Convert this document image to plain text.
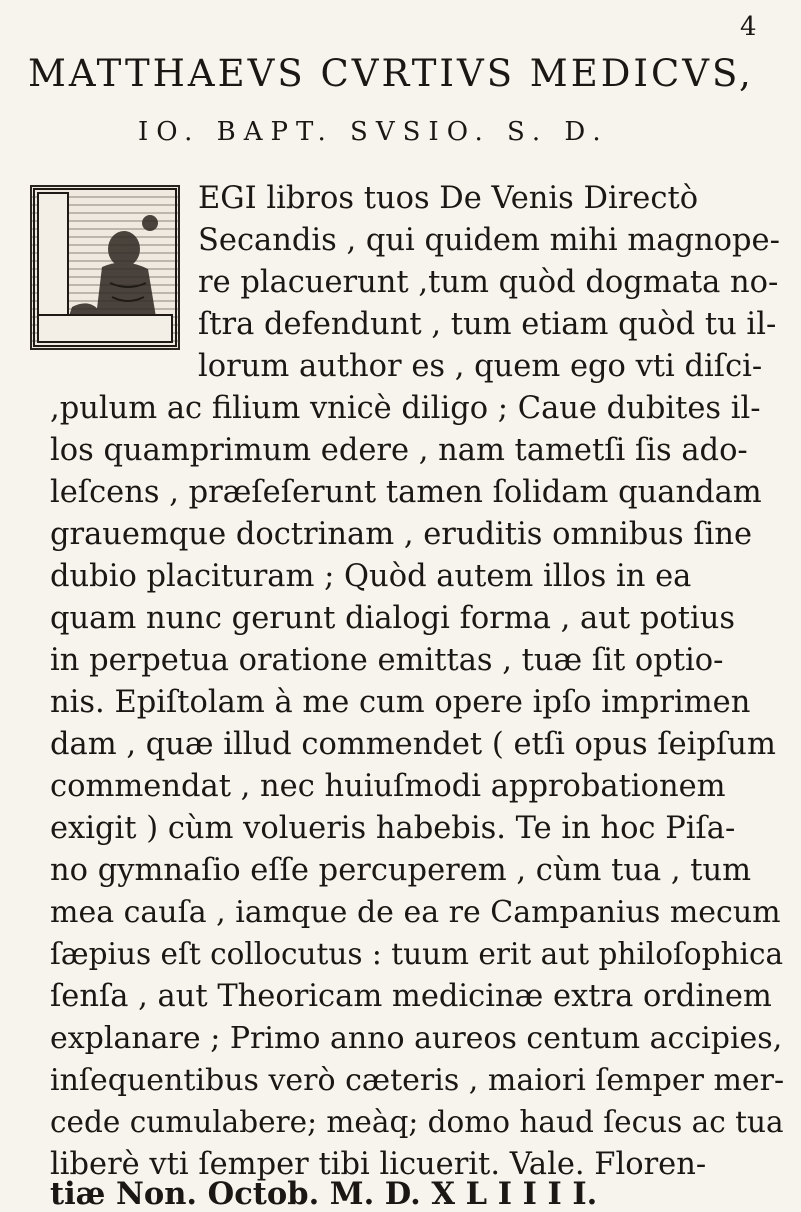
4
MATTHAEVS CVRTIVS MEDICVS,
IO. BAPT. SVSIO. S. D.
EGI libros tuos De Venis Directò
Secandis , qui quidem mihi magnope-
re placuerunt ,tum quòd dogmata no-
ſtra defendunt , tum etiam quòd tu il-
lorum author es , quem ego vti diſci-
,pulum ac filium vnicè diligo ; Caue dubites il-
los quamprimum edere , nam tametſi ſis ado-
leſcens , præſeſerunt tamen ſolidam quandam
grauemque doctrinam , eruditis omnibus ſine
dubio placituram ; Quòd autem illos in ea
quam nunc gerunt dialogi forma , aut potius
in perpetua oratione emittas , tuæ ſit optio-
nis. Epiſtolam à me cum opere ipſo imprimen
dam , quæ illud commendet ( etſi opus ſeipſum
commendat , nec huiuſmodi approbationem
exigit ) cùm volueris habebis. Te in hoc Piſa-
no gymnaſio eſſe percuperem , cùm tua , tum
mea cauſa , iamque de ea re Campanius mecum
ſæpius eſt collocutus : tuum erit aut philoſophica
ſenſa , aut Theoricam medicinæ extra ordinem
explanare ; Primo anno aureos centum accipies,
inſequentibus verò cæteris , maiori ſemper mer-
cede cumulabere; meàq; domo haud ſecus ac tua
liberè vti ſemper tibi licuerit. Vale. Floren-
tiæ Non. Octob. M. D. X L I I I I.
